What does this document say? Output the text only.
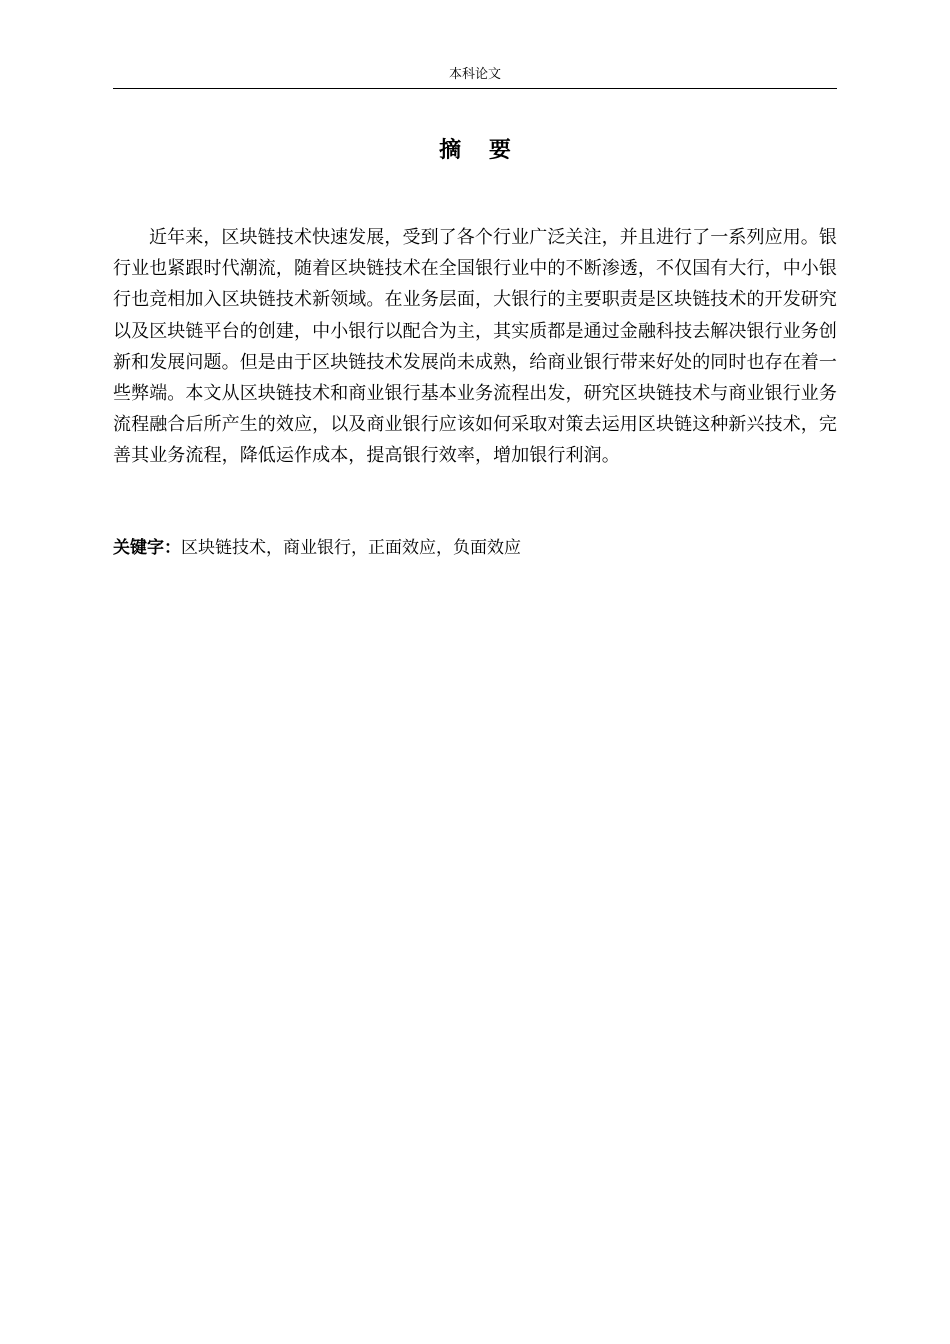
本科论文
摘 要

近年来，区块链技术快速发展，受到了各个行业广泛关注，并且进行了一系列应用。银行业也紧跟时代潮流，随着区块链技术在全国银行业中的不断渗透，不仅国有大行，中小银行也竞相加入区块链技术新领域。在业务层面，大银行的主要职责是区块链技术的开发研究以及区块链平台的创建，中小银行以配合为主，其实质都是通过金融科技去解决银行业务创新和发展问题。但是由于区块链技术发展尚未成熟，给商业银行带来好处的同时也存在着一些弊端。本文从区块链技术和商业银行基本业务流程出发，研究区块链技术与商业银行业务流程融合后所产生的效应，以及商业银行应该如何采取对策去运用区块链这种新兴技术，完善其业务流程，降低运作成本，提高银行效率，增加银行利润。

关键字：区块链技术，商业银行，正面效应，负面效应
